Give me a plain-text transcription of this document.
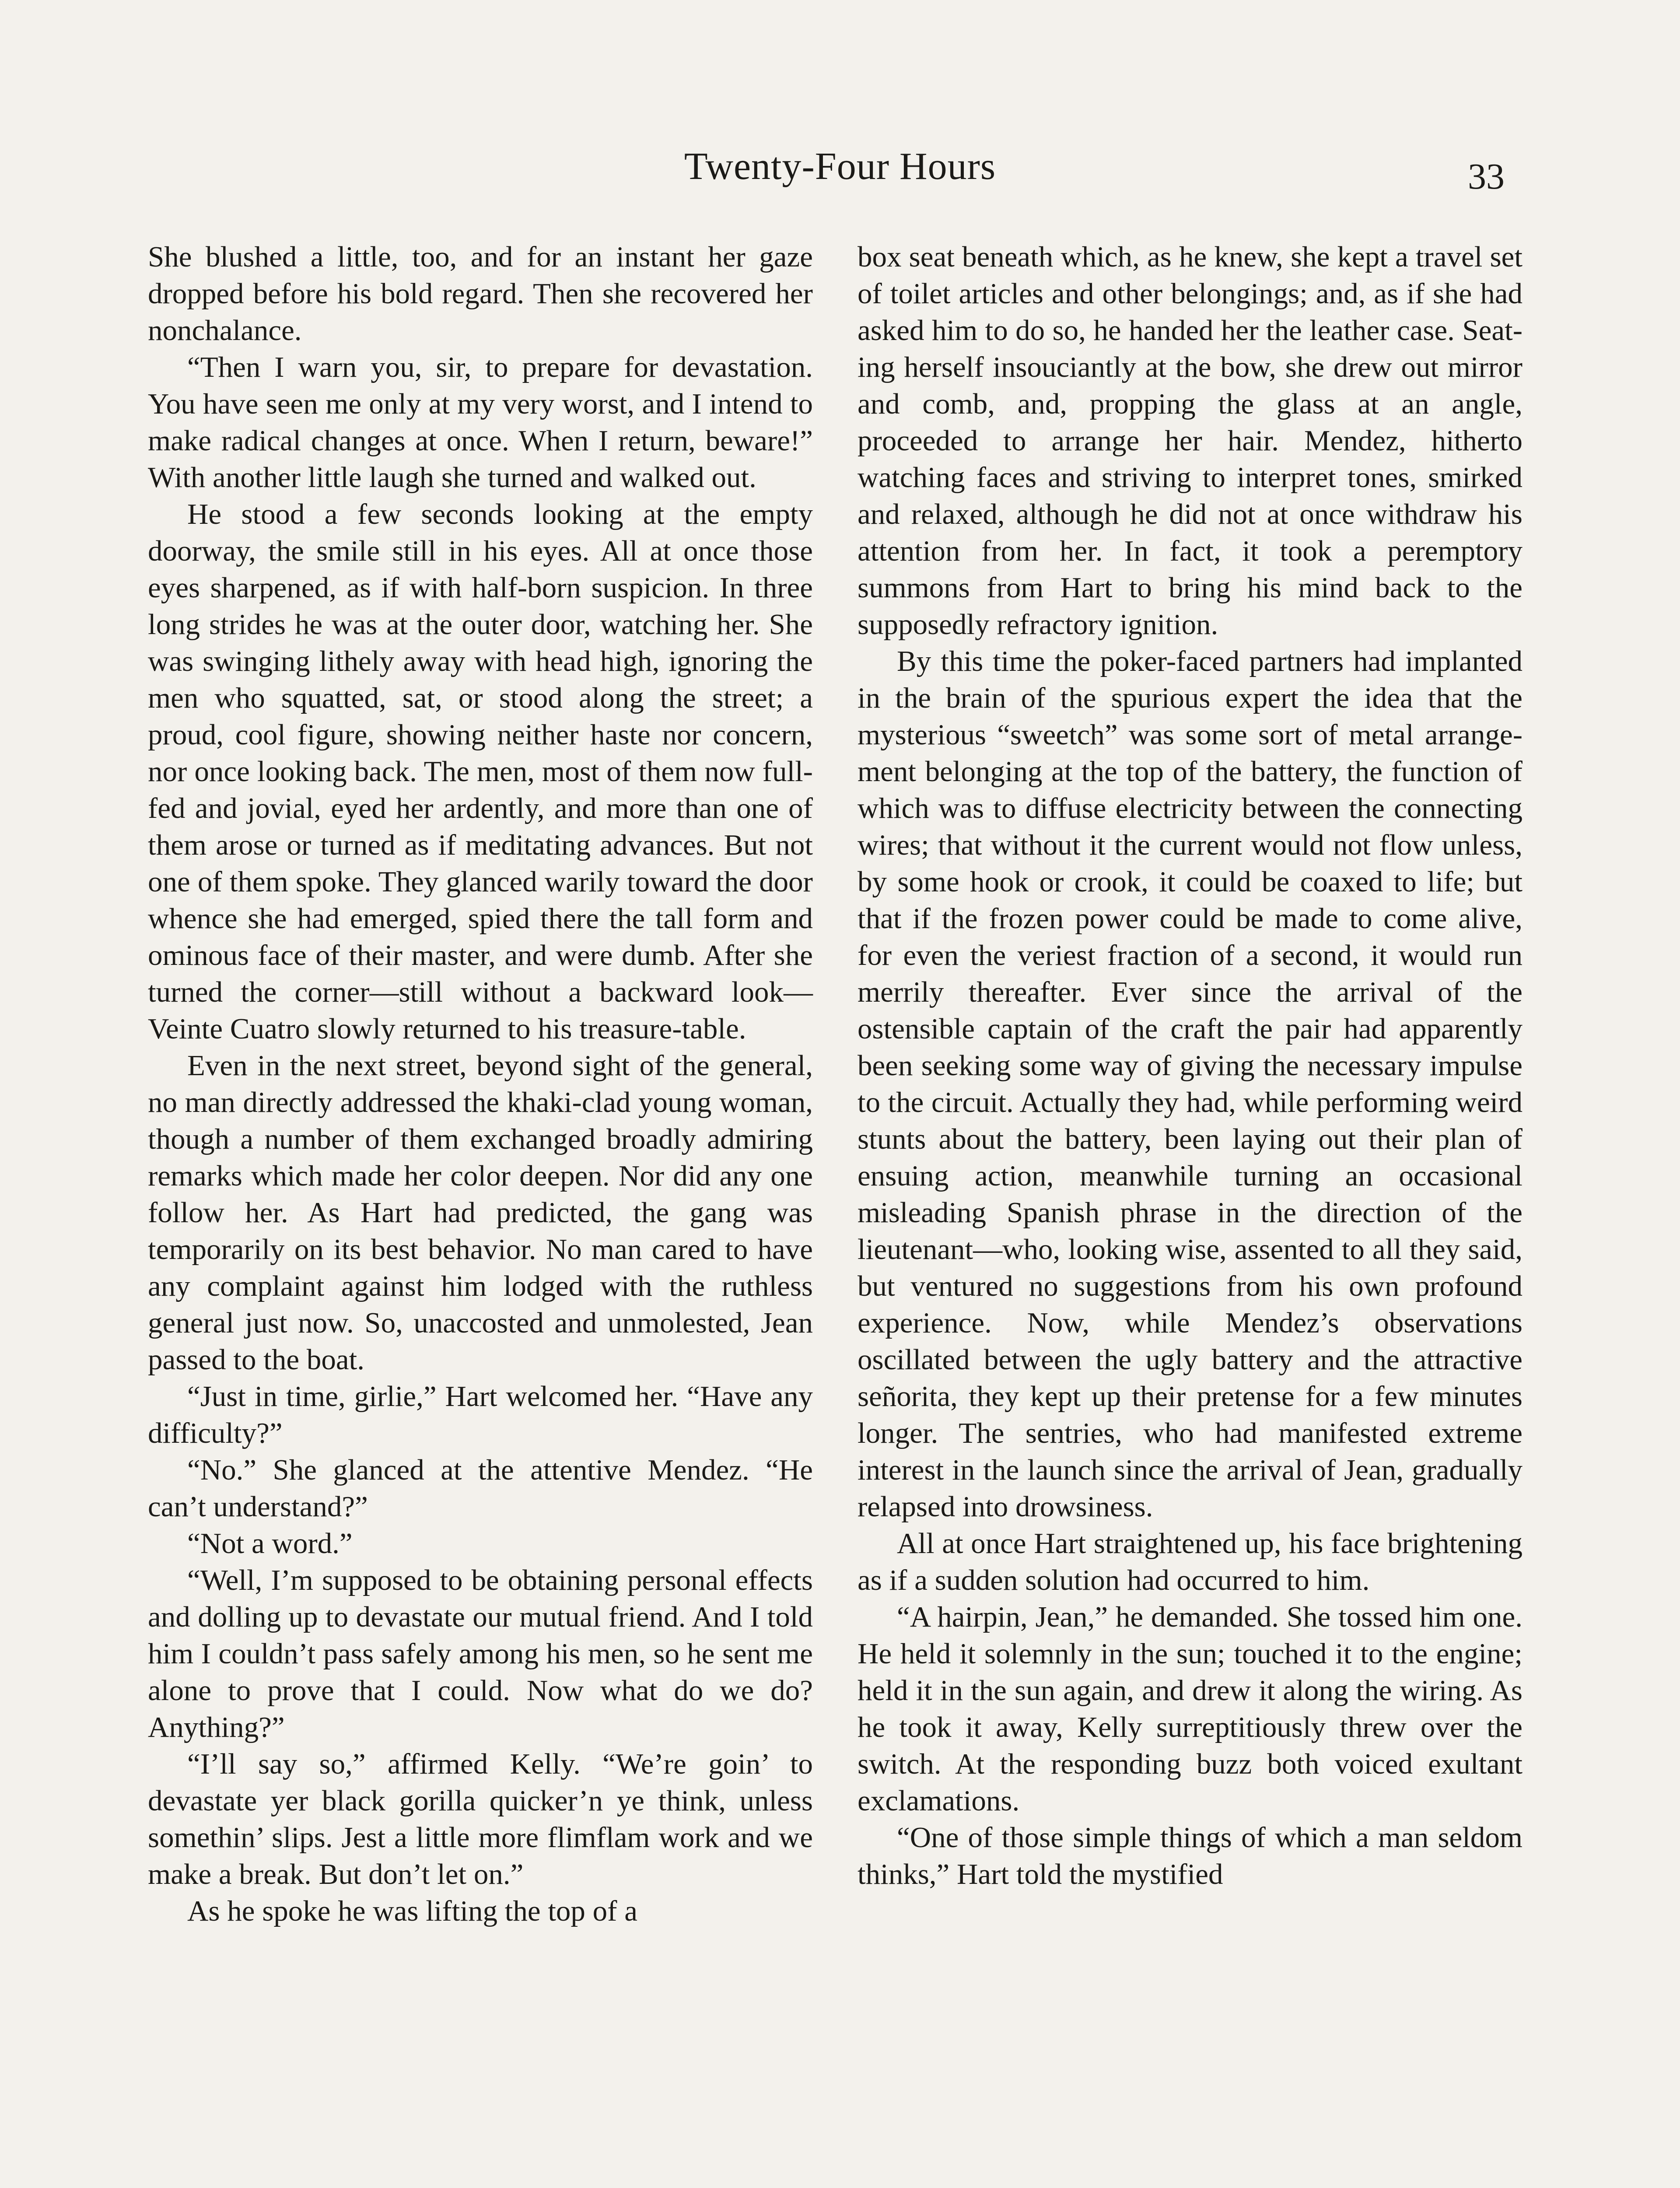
Twenty-Four Hours	33

She blushed a little, too, and for an instant her gaze dropped before his bold regard. Then she recovered her nonchalance.

“Then I warn you, sir, to prepare for devastation. You have seen me only at my very worst, and I intend to make radical changes at once. When I return, beware!” With another little laugh she turned and walked out.

He stood a few seconds looking at the empty doorway, the smile still in his eyes. All at once those eyes sharpened, as if with half-born suspicion. In three long strides he was at the outer door, watching her. She was swinging lithely away with head high, ignoring the men who squatted, sat, or stood along the street; a proud, cool figure, showing neither haste nor concern, nor once looking back. The men, most of them now full-fed and jovial, eyed her ardently, and more than one of them arose or turned as if meditating advances. But not one of them spoke. They glanced warily toward the door whence she had emerged, spied there the tall form and ominous face of their master, and were dumb. After she turned the corner—still without a backward look—Veinte Cuatro slowly returned to his treasure-table.

Even in the next street, beyond sight of the general, no man directly addressed the khaki-clad young woman, though a number of them exchanged broadly admiring remarks which made her color deepen. Nor did any one follow her. As Hart had predicted, the gang was temporarily on its best behavior. No man cared to have any complaint against him lodged with the ruthless general just now. So, unaccosted and unmolested, Jean passed to the boat.

“Just in time, girlie,” Hart welcomed her. “Have any difficulty?”

“No.” She glanced at the attentive Mendez. “He can’t understand?”

“Not a word.”

“Well, I’m supposed to be obtaining personal effects and dolling up to devastate our mutual friend. And I told him I couldn’t pass safely among his men, so he sent me alone to prove that I could. Now what do we do? Anything?”

“I’ll say so,” affirmed Kelly. “We’re goin’ to devastate yer black gorilla quicker’n ye think, unless somethin’ slips. Jest a little more flimflam work and we make a break. But don’t let on.”

As he spoke he was lifting the top of a

box seat beneath which, as he knew, she kept a travel set of toilet articles and other belongings; and, as if she had asked him to do so, he handed her the leather case. Seating herself insouciantly at the bow, she drew out mirror and comb, and, propping the glass at an angle, proceeded to arrange her hair. Mendez, hitherto watching faces and striving to interpret tones, smirked and relaxed, although he did not at once withdraw his attention from her. In fact, it took a peremptory summons from Hart to bring his mind back to the supposedly refractory ignition.

By this time the poker-faced partners had implanted in the brain of the spurious expert the idea that the mysterious “sweetch” was some sort of metal arrangement belonging at the top of the battery, the function of which was to diffuse electricity between the connecting wires; that without it the current would not flow unless, by some hook or crook, it could be coaxed to life; but that if the frozen power could be made to come alive, for even the veriest fraction of a second, it would run merrily thereafter. Ever since the arrival of the ostensible captain of the craft the pair had apparently been seeking some way of giving the necessary impulse to the circuit. Actually they had, while performing weird stunts about the battery, been laying out their plan of ensuing action, meanwhile turning an occasional misleading Spanish phrase in the direction of the lieutenant—who, looking wise, assented to all they said, but ventured no suggestions from his own profound experience. Now, while Mendez’s observations oscillated between the ugly battery and the attractive señorita, they kept up their pretense for a few minutes longer. The sentries, who had manifested extreme interest in the launch since the arrival of Jean, gradually relapsed into drowsiness.

All at once Hart straightened up, his face brightening as if a sudden solution had occurred to him.

“A hairpin, Jean,” he demanded. She tossed him one. He held it solemnly in the sun; touched it to the engine; held it in the sun again, and drew it along the wiring. As he took it away, Kelly surreptitiously threw over the switch. At the responding buzz both voiced exultant exclamations.

“One of those simple things of which a man seldom thinks,” Hart told the mystified
